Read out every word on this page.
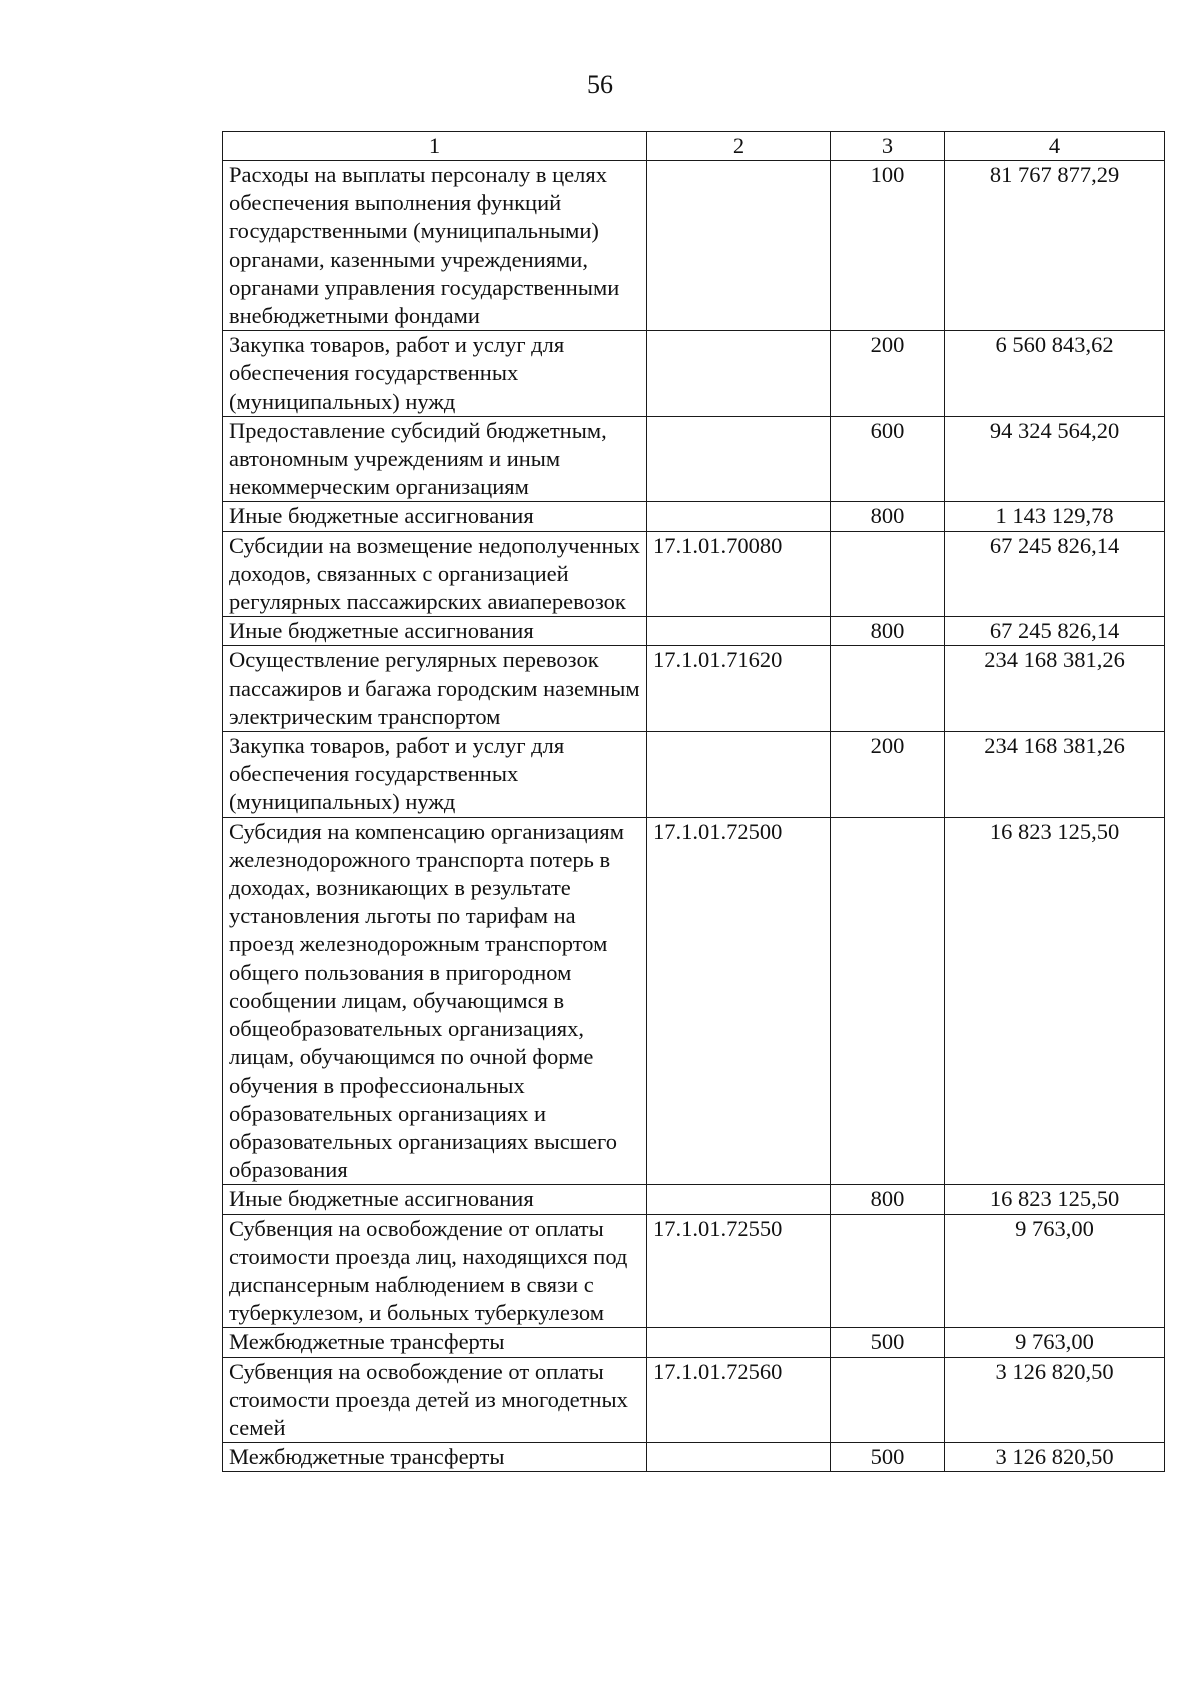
56
1	2	3	4
Расходы на выплаты персоналу в целях обеспечения выполнения функций государственными (муниципальными) органами, казенными учреждениями, органами управления государственными внебюджетными фондами		100	81 767 877,29
Закупка товаров, работ и услуг для обеспечения государственных (муниципальных) нужд		200	6 560 843,62
Предоставление субсидий бюджетным, автономным учреждениям и иным некоммерческим организациям		600	94 324 564,20
Иные бюджетные ассигнования		800	1 143 129,78
Субсидии на возмещение недополученных доходов, связанных с организацией регулярных пассажирских авиаперевозок	17.1.01.70080		67 245 826,14
Иные бюджетные ассигнования		800	67 245 826,14
Осуществление регулярных перевозок пассажиров и багажа городским наземным электрическим транспортом	17.1.01.71620		234 168 381,26
Закупка товаров, работ и услуг для обеспечения государственных (муниципальных) нужд		200	234 168 381,26
Субсидия на компенсацию организациям железнодорожного транспорта потерь в доходах, возникающих в результате установления льготы по тарифам на проезд железнодорожным транспортом общего пользования в пригородном сообщении лицам, обучающимся в общеобразовательных организациях, лицам, обучающимся по очной форме обучения в профессиональных образовательных организациях и образовательных организациях высшего образования	17.1.01.72500		16 823 125,50
Иные бюджетные ассигнования		800	16 823 125,50
Субвенция на освобождение от оплаты стоимости проезда лиц, находящихся под диспансерным наблюдением в связи с туберкулезом, и больных туберкулезом	17.1.01.72550		9 763,00
Межбюджетные трансферты		500	9 763,00
Субвенция на освобождение от оплаты стоимости проезда детей из многодетных семей	17.1.01.72560		3 126 820,50
Межбюджетные трансферты		500	3 126 820,50
